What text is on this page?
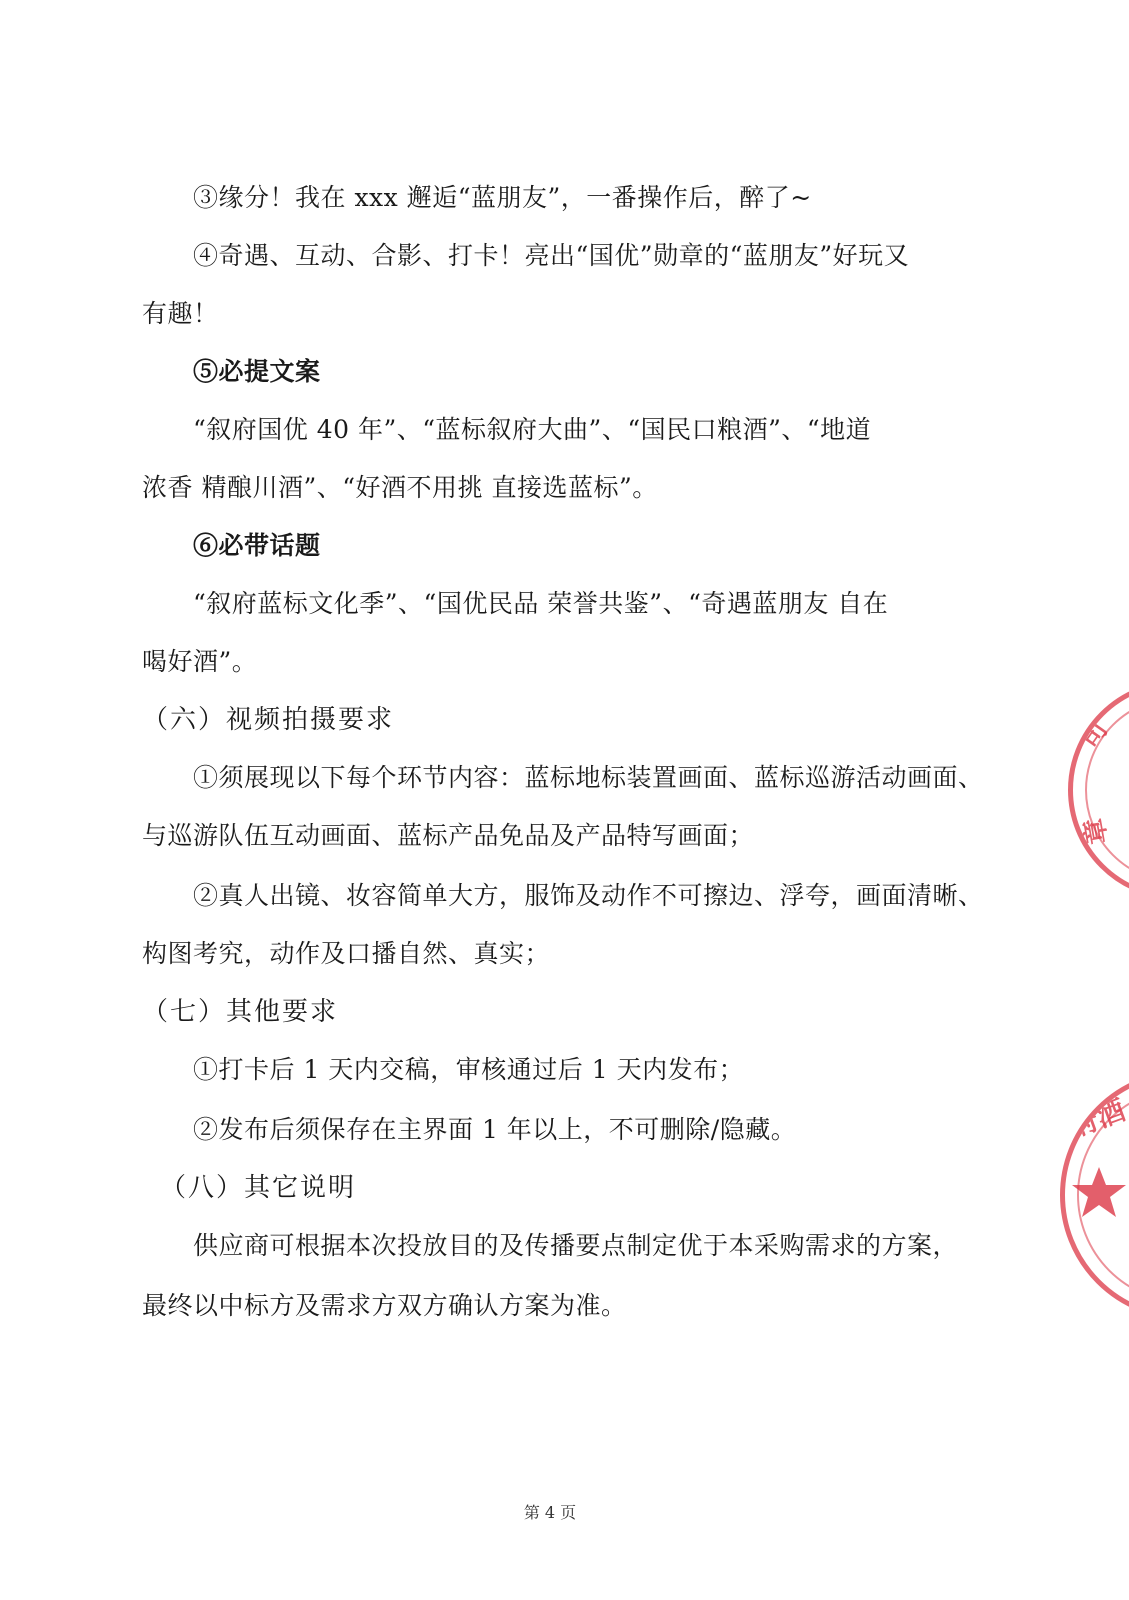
③缘分！我在 xxx 邂逅“蓝朋友”，一番操作后，醉了~
④奇遇、互动、合影、打卡！亮出“国优”勋章的“蓝朋友”好玩又
有趣！
⑤必提文案
“叙府国优 40 年”、“蓝标叙府大曲”、“国民口粮酒”、“地道
浓香 精酿川酒”、“好酒不用挑 直接选蓝标”。
⑥必带话题
“叙府蓝标文化季”、“国优民品 荣誉共鉴”、“奇遇蓝朋友 自在
喝好酒”。
（六）视频拍摄要求
①须展现以下每个环节内容：蓝标地标装置画面、蓝标巡游活动画面、
与巡游队伍互动画面、蓝标产品免品及产品特写画面；
②真人出镜、妆容简单大方，服饰及动作不可擦边、浮夸，画面清晰、
构图考究，动作及口播自然、真实；
（七）其他要求
①打卡后 1 天内交稿，审核通过后 1 天内发布；
②发布后须保存在主界面 1 年以上，不可删除/隐藏。
（八）其它说明
供应商可根据本次投放目的及传播要点制定优于本采购需求的方案，
最终以中标方及需求方双方确认方案为准。
第 4 页
司
章
府酒
5541
